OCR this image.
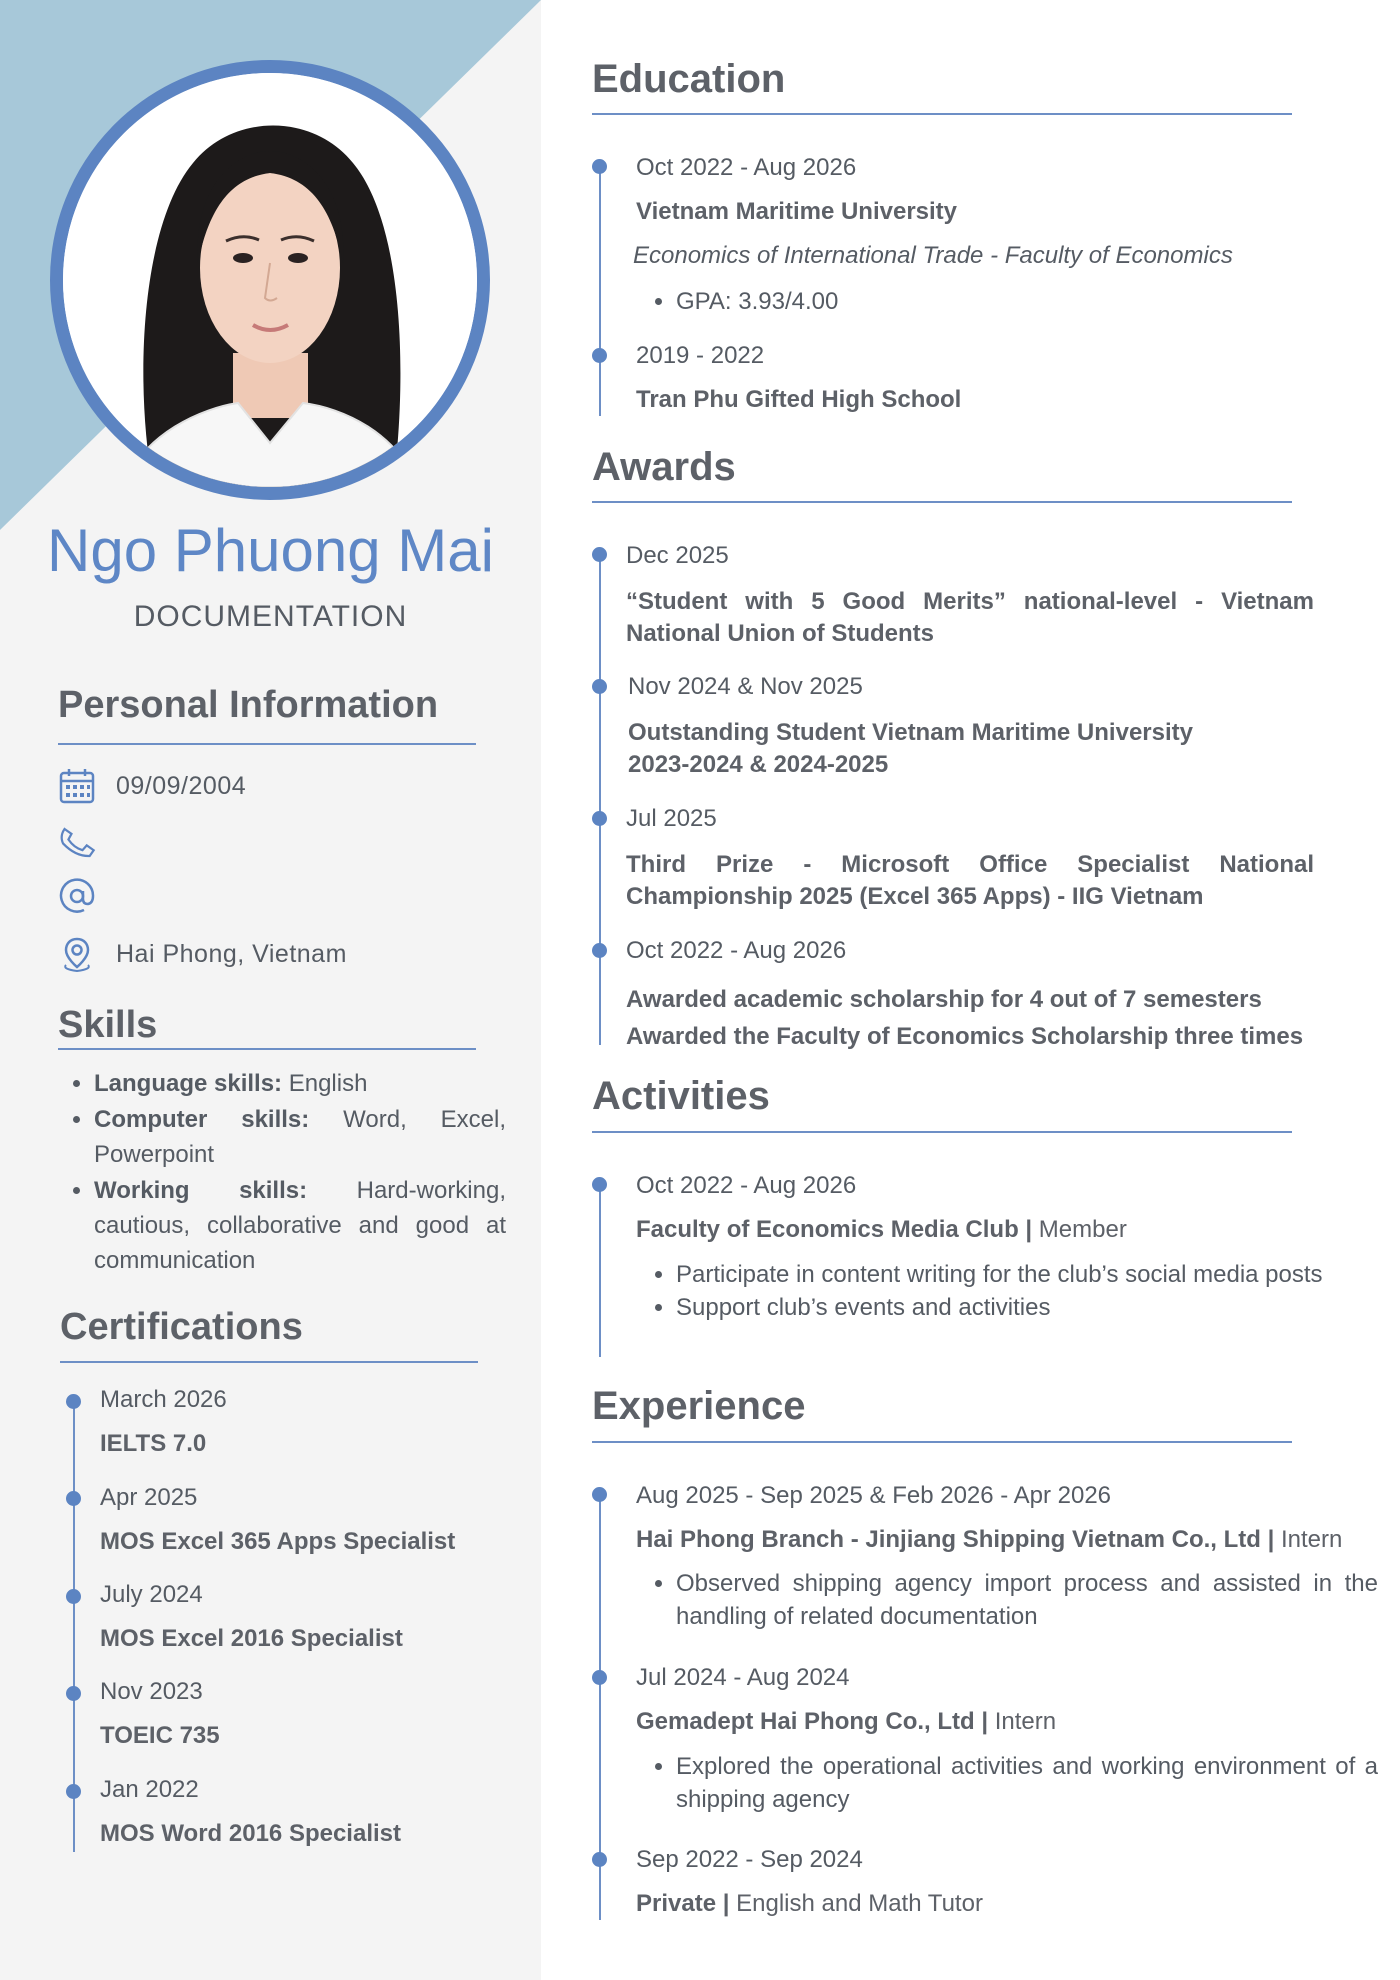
Ngo Phuong Mai
DOCUMENTATION
Personal Information
09/09/2004
Hai Phong, Vietnam
Skills
• Language skills: English
• Computer skills: Word, Excel, Powerpoint
• Working skills: Hard-working, cautious, collaborative and good at communication
Certifications
March 2026
IELTS 7.0
Apr 2025
MOS Excel 365 Apps Specialist
July 2024
MOS Excel 2016 Specialist
Nov 2023
TOEIC 735
Jan 2022
MOS Word 2016 Specialist
Education
Oct 2022 - Aug 2026
Vietnam Maritime University
Economics of International Trade - Faculty of Economics
• GPA: 3.93/4.00
2019 - 2022
Tran Phu Gifted High School
Awards
Dec 2025
“Student with 5 Good Merits” national-level - Vietnam
National Union of Students
Nov 2024 & Nov 2025
Outstanding Student Vietnam Maritime University
2023-2024 & 2024-2025
Jul 2025
Third Prize - Microsoft Office Specialist National
Championship 2025 (Excel 365 Apps) - IIG Vietnam
Oct 2022 - Aug 2026
Awarded academic scholarship for 4 out of 7 semesters
Awarded the Faculty of Economics Scholarship three times
Activities
Oct 2022 - Aug 2026
Faculty of Economics Media Club | Member
• Participate in content writing for the club’s social media posts
• Support club’s events and activities
Experience
Aug 2025 - Sep 2025 & Feb 2026 - Apr 2026
Hai Phong Branch - Jinjiang Shipping Vietnam Co., Ltd | Intern
• Observed shipping agency import process and assisted in the handling of related documentation
Jul 2024 - Aug 2024
Gemadept Hai Phong Co., Ltd | Intern
• Explored the operational activities and working environment of a shipping agency
Sep 2022 - Sep 2024
Private | English and Math Tutor
